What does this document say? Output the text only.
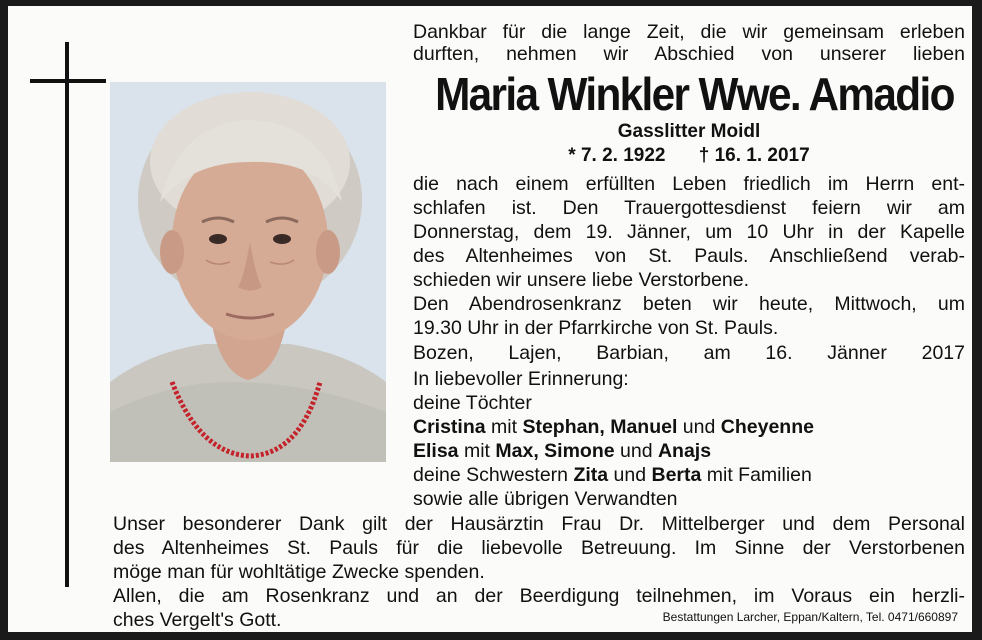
Dankbar für die lange Zeit, die wir gemeinsam erleben
durften, nehmen wir Abschied von unserer lieben
Maria Winkler Wwe. Amadio
Gasslitter Moidl
* 7. 2. 1922 † 16. 1. 2017
die nach einem erfüllten Leben friedlich im Herrn ent-
schlafen ist. Den Trauergottesdienst feiern wir am
Donnerstag, dem 19. Jänner, um 10 Uhr in der Kapelle
des Altenheimes von St. Pauls. Anschließend verab-
schieden wir unsere liebe Verstorbene.
Den Abendrosenkranz beten wir heute, Mittwoch, um
19.30 Uhr in der Pfarrkirche von St. Pauls.
Bozen, Lajen, Barbian, am 16. Jänner 2017
In liebevoller Erinnerung:
deine Töchter
Cristina mit Stephan, Manuel und Cheyenne
Elisa mit Max, Simone und Anajs
deine Schwestern Zita und Berta mit Familien
sowie alle übrigen Verwandten
Unser besonderer Dank gilt der Hausärztin Frau Dr. Mittelberger und dem Personal
des Altenheimes St. Pauls für die liebevolle Betreuung. Im Sinne der Verstorbenen
möge man für wohltätige Zwecke spenden.
Allen, die am Rosenkranz und an der Beerdigung teilnehmen, im Voraus ein herzli-
ches Vergelt's Gott.	Bestattungen Larcher, Eppan/Kaltern, Tel. 0471/660897
